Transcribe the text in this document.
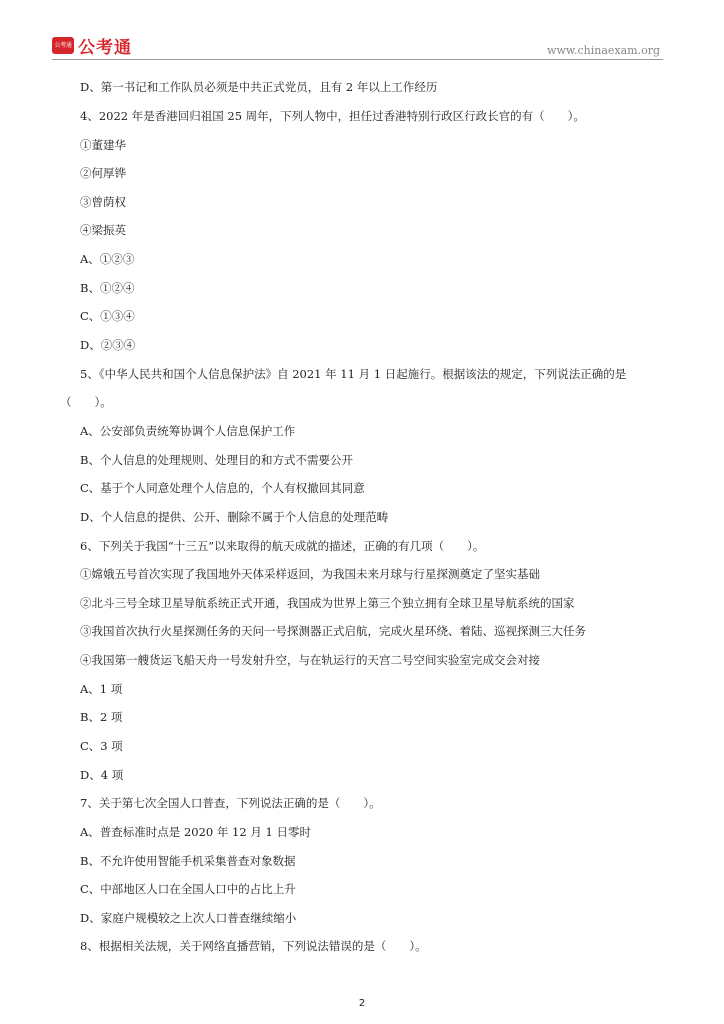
公考通 公考通	www.chinaexam.org
D、第一书记和工作队员必须是中共正式党员，且有 2 年以上工作经历
4、2022 年是香港回归祖国 25 周年，下列人物中，担任过香港特别行政区行政长官的有（　　）。
①董建华
②何厚铧
③曾荫权
④梁振英
A、①②③
B、①②④
C、①③④
D、②③④
5、《中华人民共和国个人信息保护法》自 2021 年 11 月 1 日起施行。根据该法的规定，下列说法正确的是
（　　）。
A、公安部负责统筹协调个人信息保护工作
B、个人信息的处理规则、处理目的和方式不需要公开
C、基于个人同意处理个人信息的，个人有权撤回其同意
D、个人信息的提供、公开、删除不属于个人信息的处理范畴
6、下列关于我国“十三五”以来取得的航天成就的描述，正确的有几项（　　）。
①嫦娥五号首次实现了我国地外天体采样返回，为我国未来月球与行星探测奠定了坚实基础
②北斗三号全球卫星导航系统正式开通，我国成为世界上第三个独立拥有全球卫星导航系统的国家
③我国首次执行火星探测任务的天问一号探测器正式启航，完成火星环绕、着陆、巡视探测三大任务
④我国第一艘货运飞船天舟一号发射升空，与在轨运行的天宫二号空间实验室完成交会对接
A、1 项
B、2 项
C、3 项
D、4 项
7、关于第七次全国人口普查，下列说法正确的是（　　）。
A、普查标准时点是 2020 年 12 月 1 日零时
B、不允许使用智能手机采集普查对象数据
C、中部地区人口在全国人口中的占比上升
D、家庭户规模较之上次人口普查继续缩小
8、根据相关法规，关于网络直播营销，下列说法错误的是（　　）。
2
